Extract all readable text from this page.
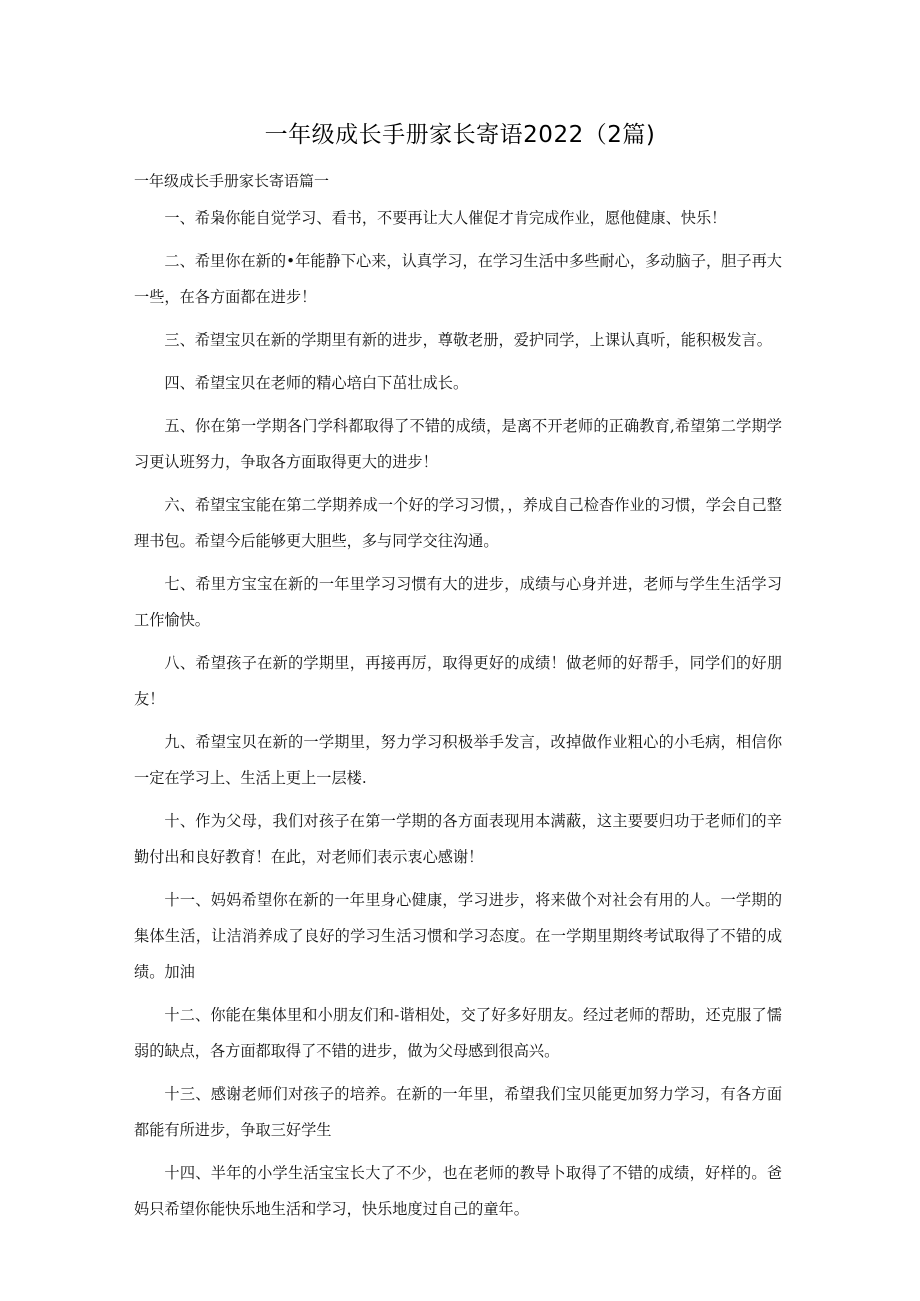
一年级成长手册家长寄语2022（2篇)

一年级成长手册家长寄语篇一

一、希枭你能自觉学习、看书，不要再让大人催促才肯完成作业，愿他健康、快乐！

二、希里你在新的•年能静下心来，认真学习，在学习生活中多些耐心，多动脑子，胆子再大一些，在各方面都在进步！

三、希望宝贝在新的学期里有新的进步，尊敬老册，爱护同学，上课认真听，能积极发言。

四、希望宝贝在老师的精心培白下茁壮成长。

五、你在第一学期各门学科都取得了不错的成绩，是离不开老师的正确教育,希望第二学期学习更认班努力，争取各方面取得更大的进步！

六、希望宝宝能在第二学期养成一个好的学习习惯，，养成自己检杳作业的习惯，学会自己整理书包。希望今后能够更大胆些，多与同学交往沟通。

七、希里方宝宝在新的一年里学习习惯有大的进步，成绩与心身并进，老师与学生生活学习工作愉快。

八、希望孩子在新的学期里，再接再厉，取得更好的成绩！做老师的好帮手，同学们的好朋友！

九、希望宝贝在新的一学期里，努力学习积极举手发言，改掉做作业粗心的小毛病，相信你一定在学习上、生活上更上一层楼.

十、作为父母，我们对孩子在第一学期的各方面表现用本满蔽，这主要要归功于老师们的辛勤付出和良好教育！在此，对老师们表示衷心感谢！

十一、妈妈希望你在新的一年里身心健康，学习进步，将来做个对社会有用的人。一学期的集体生活，让洁消养成了良好的学习生活习惯和学习态度。在一学期里期终考试取得了不错的成绩。加油

十二、你能在集体里和小朋友们和-谐相处，交了好多好朋友。经过老师的帮助，还克服了懦弱的缺点，各方面都取得了不错的进步，做为父母感到很高兴。

十三、感谢老师们对孩子的培养。在新的一年里，希望我们宝贝能更加努力学习，有各方面都能有所进步，争取三好学生

十四、半年的小学生活宝宝长大了不少，也在老师的教导卜取得了不错的成绩，好样的。爸妈只希望你能快乐地生活和学习，快乐地度过自己的童年。
